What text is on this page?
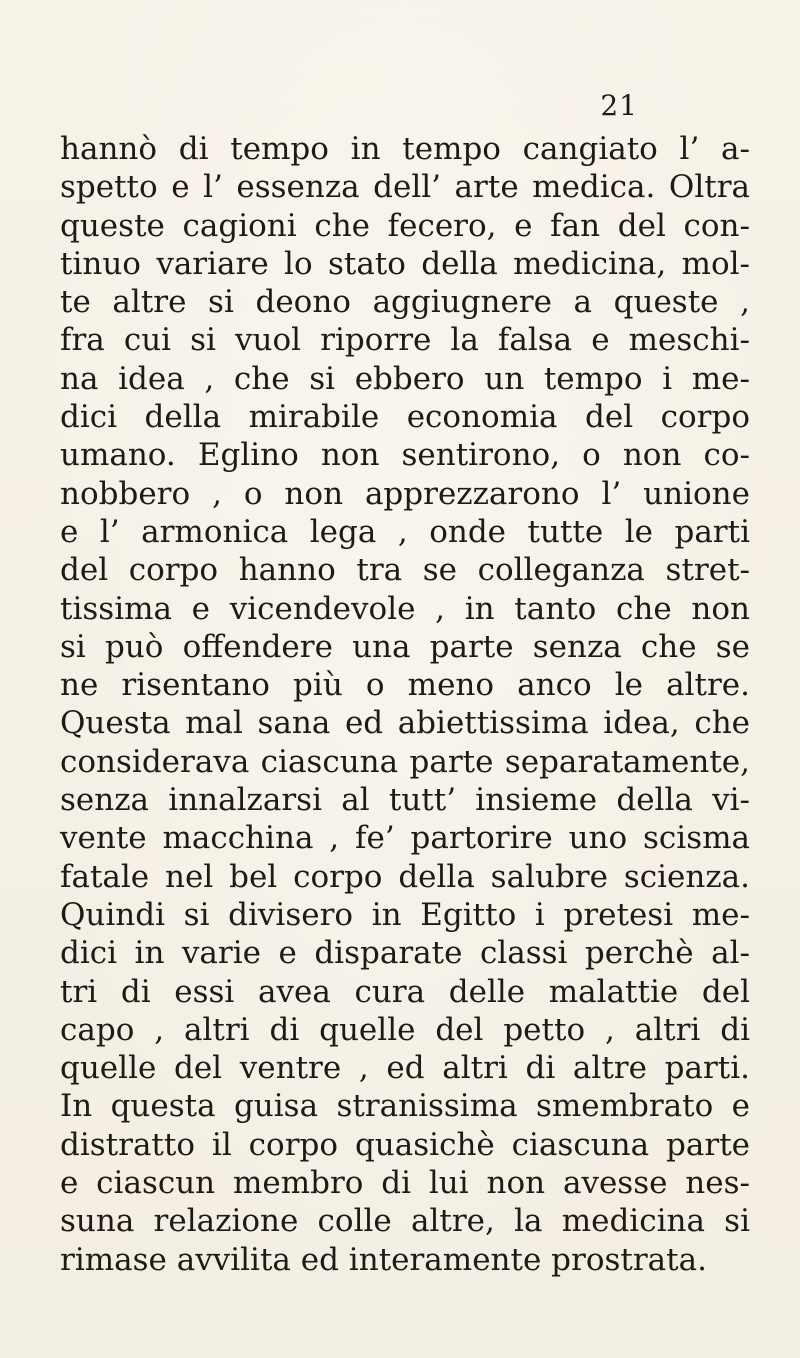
21
hannò di tempo in tempo cangiato l’ a-
spetto e l’ essenza dell’ arte medica. Oltra
queste cagioni che fecero, e fan del con-
tinuo variare lo stato della medicina, mol-
te altre si deono aggiugnere a queste ,
fra cui si vuol riporre la falsa e meschi-
na idea , che si ebbero un tempo i me-
dici della mirabile economia del corpo
umano. Eglino non sentirono, o non co-
nobbero , o non apprezzarono l’ unione
e l’ armonica lega , onde tutte le parti
del corpo hanno tra se colleganza stret-
tissima e vicendevole , in tanto che non
si può offendere una parte senza che se
ne risentano più o meno anco le altre.
Questa mal sana ed abiettissima idea, che
considerava ciascuna parte separatamente,
senza innalzarsi al tutt’ insieme della vi-
vente macchina , fe’ partorire uno scisma
fatale nel bel corpo della salubre scienza.
Quindi si divisero in Egitto i pretesi me-
dici in varie e disparate classi perchè al-
tri di essi avea cura delle malattie del
capo , altri di quelle del petto , altri di
quelle del ventre , ed altri di altre parti.
In questa guisa stranissima smembrato e
distratto il corpo quasichè ciascuna parte
e ciascun membro di lui non avesse nes-
suna relazione colle altre, la medicina si
rimase avvilita ed interamente prostrata.
